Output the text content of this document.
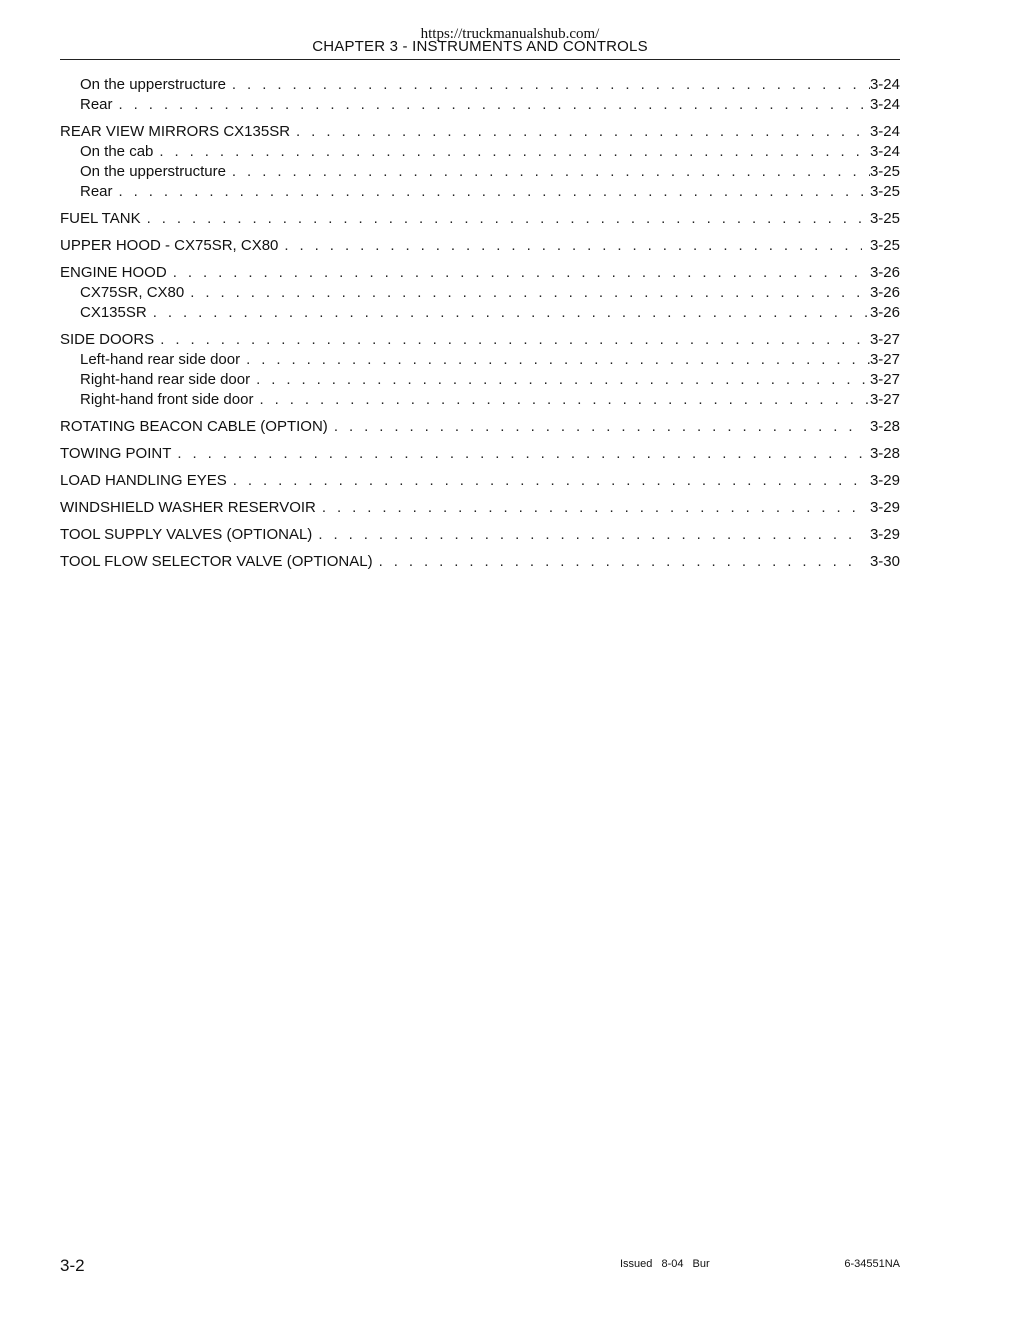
https://truckmanualshub.com/
CHAPTER 3 - INSTRUMENTS AND CONTROLS
On the upperstructure . . .	3-24
Rear . . .	3-24
REAR VIEW MIRRORS CX135SR . . .	3-24
On the cab . . .	3-24
On the upperstructure . . .	3-25
Rear . . .	3-25
FUEL TANK . . .	3-25
UPPER HOOD - CX75SR, CX80 . . .	3-25
ENGINE HOOD . . .	3-26
CX75SR, CX80 . . .	3-26
CX135SR . . .	3-26
SIDE DOORS . . .	3-27
Left-hand rear side door . . .	3-27
Right-hand rear side door . . .	3-27
Right-hand front side door . . .	3-27
ROTATING BEACON CABLE (OPTION) . . .	3-28
TOWING POINT . . .	3-28
LOAD HANDLING EYES . . .	3-29
WINDSHIELD WASHER RESERVOIR . . .	3-29
TOOL SUPPLY VALVES (OPTIONAL) . . .	3-29
TOOL FLOW SELECTOR VALVE (OPTIONAL) . . .	3-30
3-2	Issued 8-04 Bur	6-34551NA
